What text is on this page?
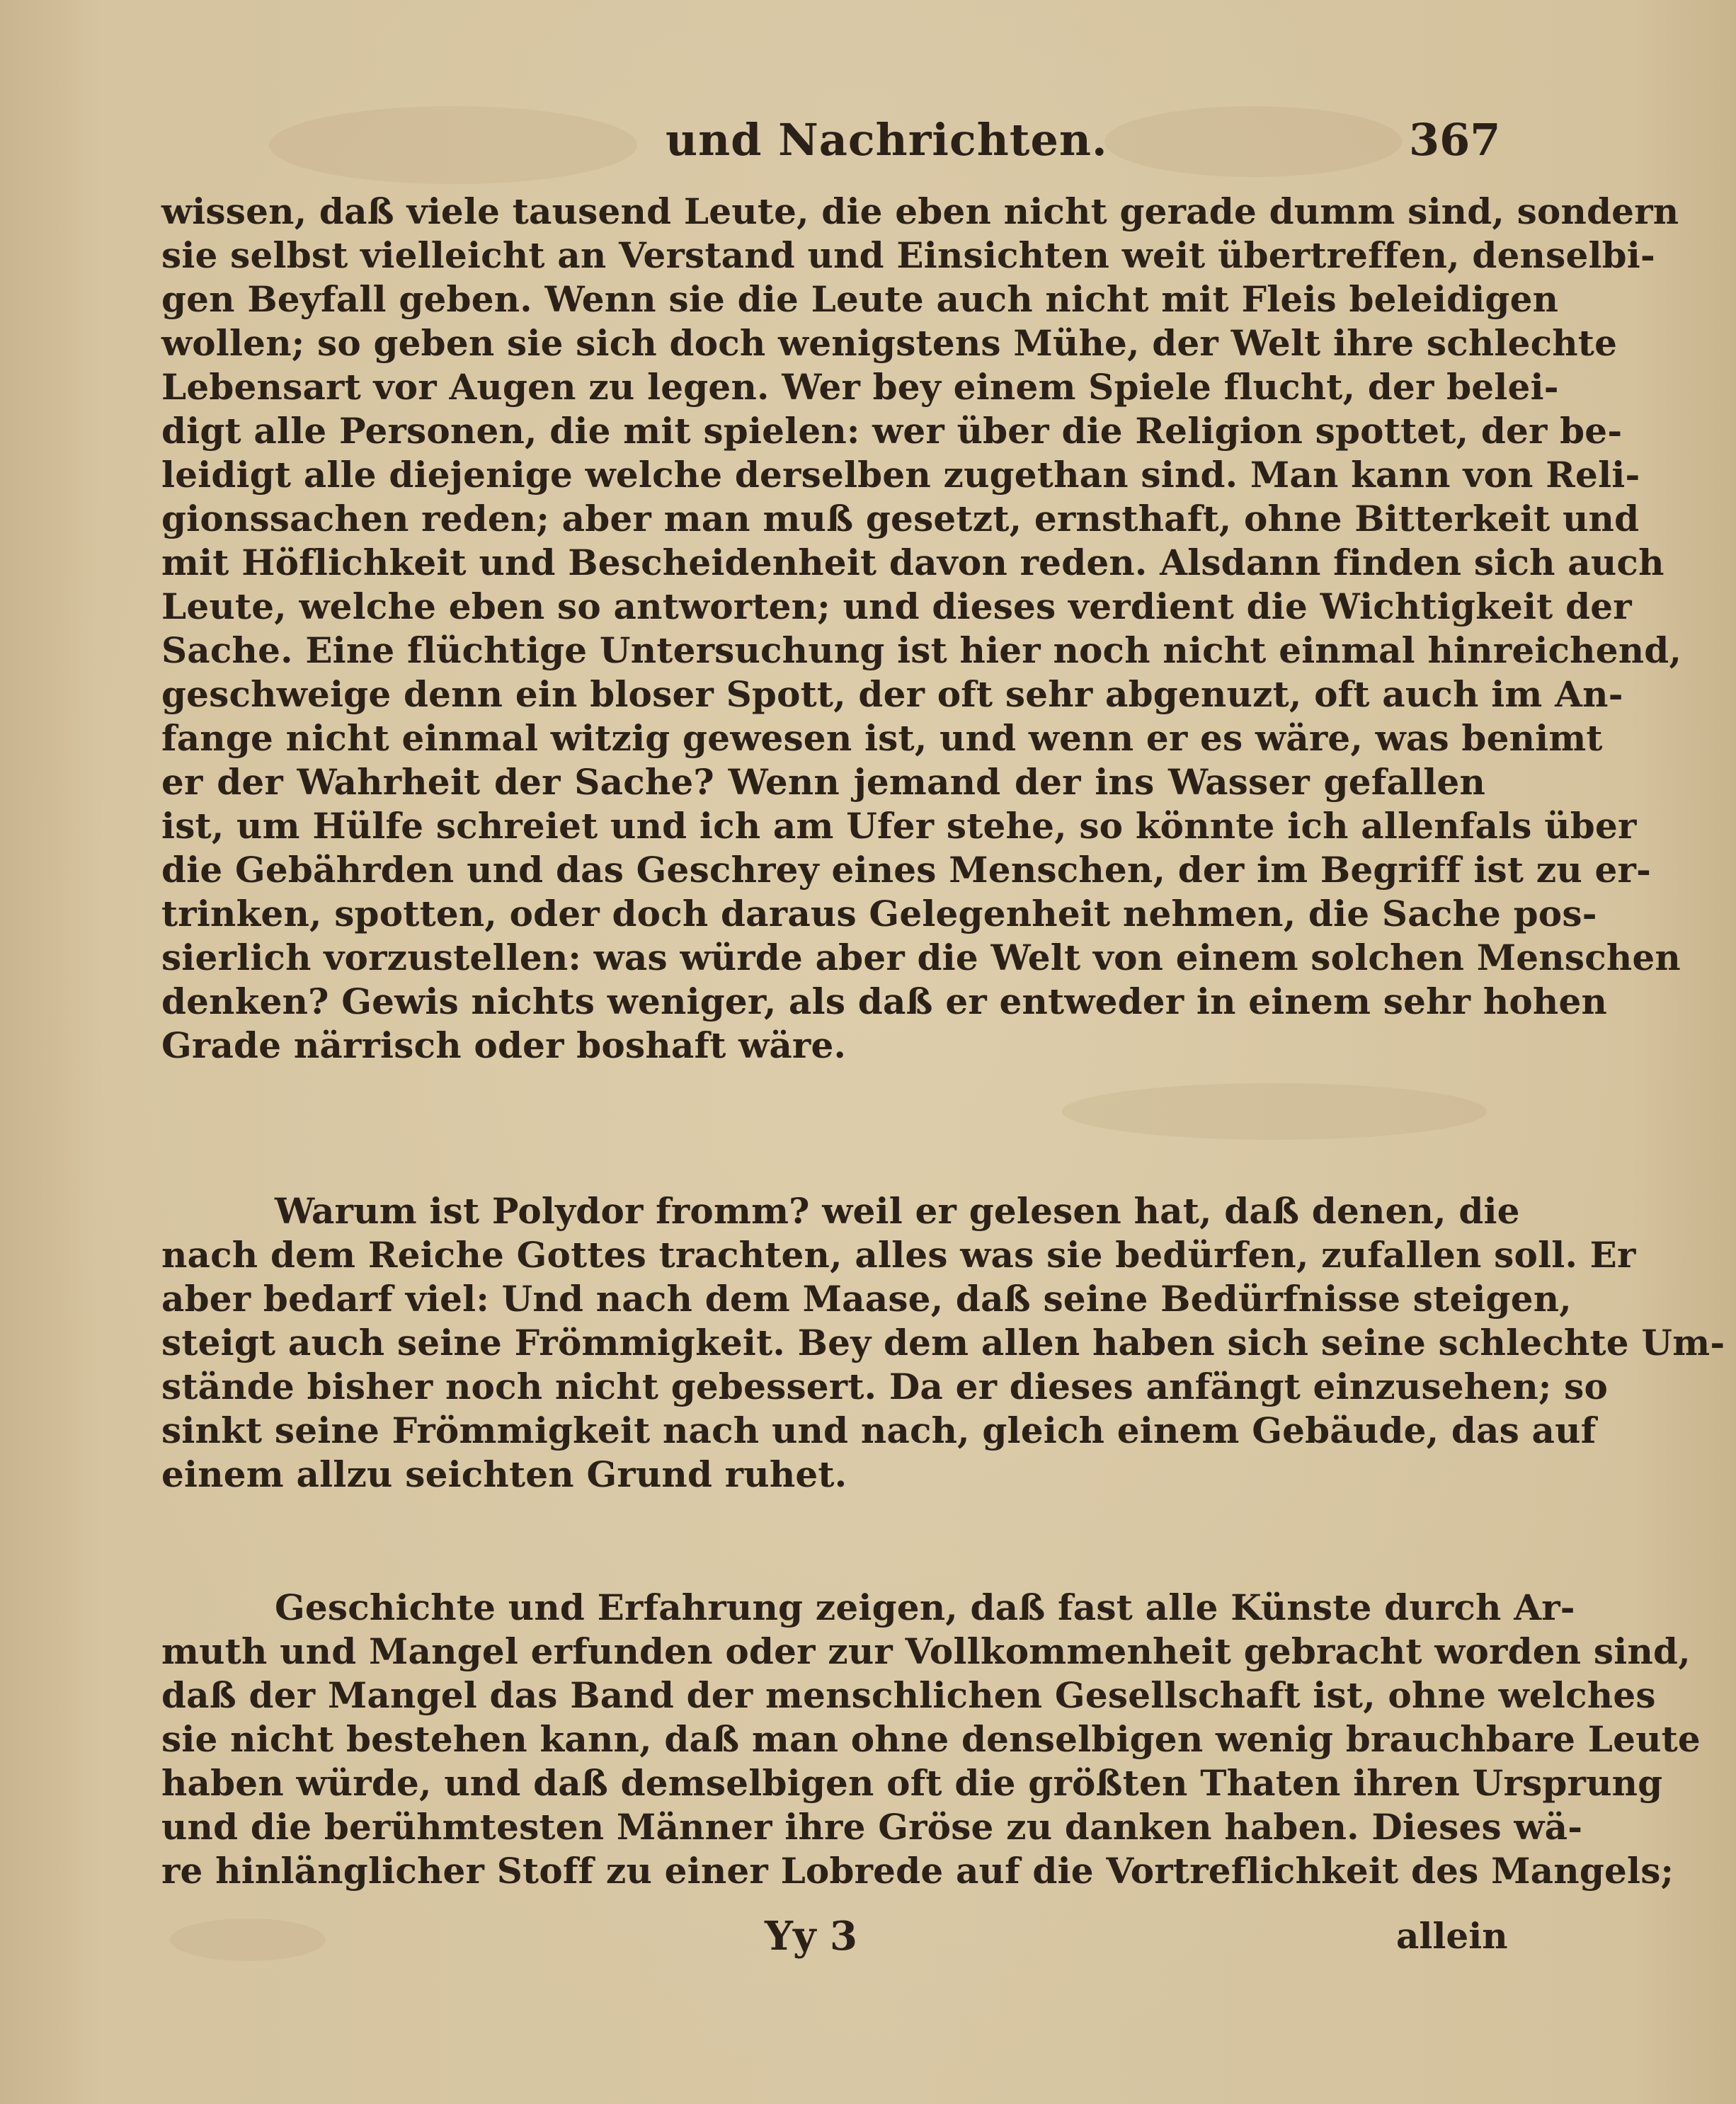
und Nachrichten.	367
wissen, daß viele tausend Leute, die eben nicht gerade dumm sind, sondern
sie selbst vielleicht an Verstand und Einsichten weit übertreffen, denselbi-
gen Beyfall geben. Wenn sie die Leute auch nicht mit Fleis beleidigen
wollen; so geben sie sich doch wenigstens Mühe, der Welt ihre schlechte
Lebensart vor Augen zu legen. Wer bey einem Spiele flucht, der belei-
digt alle Personen, die mit spielen: wer über die Religion spottet, der be-
leidigt alle diejenige welche derselben zugethan sind. Man kann von Reli-
gionssachen reden; aber man muß gesetzt, ernsthaft, ohne Bitterkeit und
mit Höflichkeit und Bescheidenheit davon reden. Alsdann finden sich auch
Leute, welche eben so antworten; und dieses verdient die Wichtigkeit der
Sache. Eine flüchtige Untersuchung ist hier noch nicht einmal hinreichend,
geschweige denn ein bloser Spott, der oft sehr abgenuzt, oft auch im An-
fange nicht einmal witzig gewesen ist, und wenn er es wäre, was benimt
er der Wahrheit der Sache? Wenn jemand der ins Wasser gefallen
ist, um Hülfe schreiet und ich am Ufer stehe, so könnte ich allenfals über
die Gebährden und das Geschrey eines Menschen, der im Begriff ist zu er-
trinken, spotten, oder doch daraus Gelegenheit nehmen, die Sache pos-
sierlich vorzustellen: was würde aber die Welt von einem solchen Menschen
denken? Gewis nichts weniger, als daß er entweder in einem sehr hohen
Grade närrisch oder boshaft wäre.
Warum ist Polydor fromm? weil er gelesen hat, daß denen, die
nach dem Reiche Gottes trachten, alles was sie bedürfen, zufallen soll. Er
aber bedarf viel: Und nach dem Maase, daß seine Bedürfnisse steigen,
steigt auch seine Frömmigkeit. Bey dem allen haben sich seine schlechte Um-
stände bisher noch nicht gebessert. Da er dieses anfängt einzusehen; so
sinkt seine Frömmigkeit nach und nach, gleich einem Gebäude, das auf
einem allzu seichten Grund ruhet.
Geschichte und Erfahrung zeigen, daß fast alle Künste durch Ar-
muth und Mangel erfunden oder zur Vollkommenheit gebracht worden sind,
daß der Mangel das Band der menschlichen Gesellschaft ist, ohne welches
sie nicht bestehen kann, daß man ohne denselbigen wenig brauchbare Leute
haben würde, und daß demselbigen oft die größten Thaten ihren Ursprung
und die berühmtesten Männer ihre Gröse zu danken haben. Dieses wä-
re hinlänglicher Stoff zu einer Lobrede auf die Vortreflichkeit des Mangels;
Yy 3	allein
